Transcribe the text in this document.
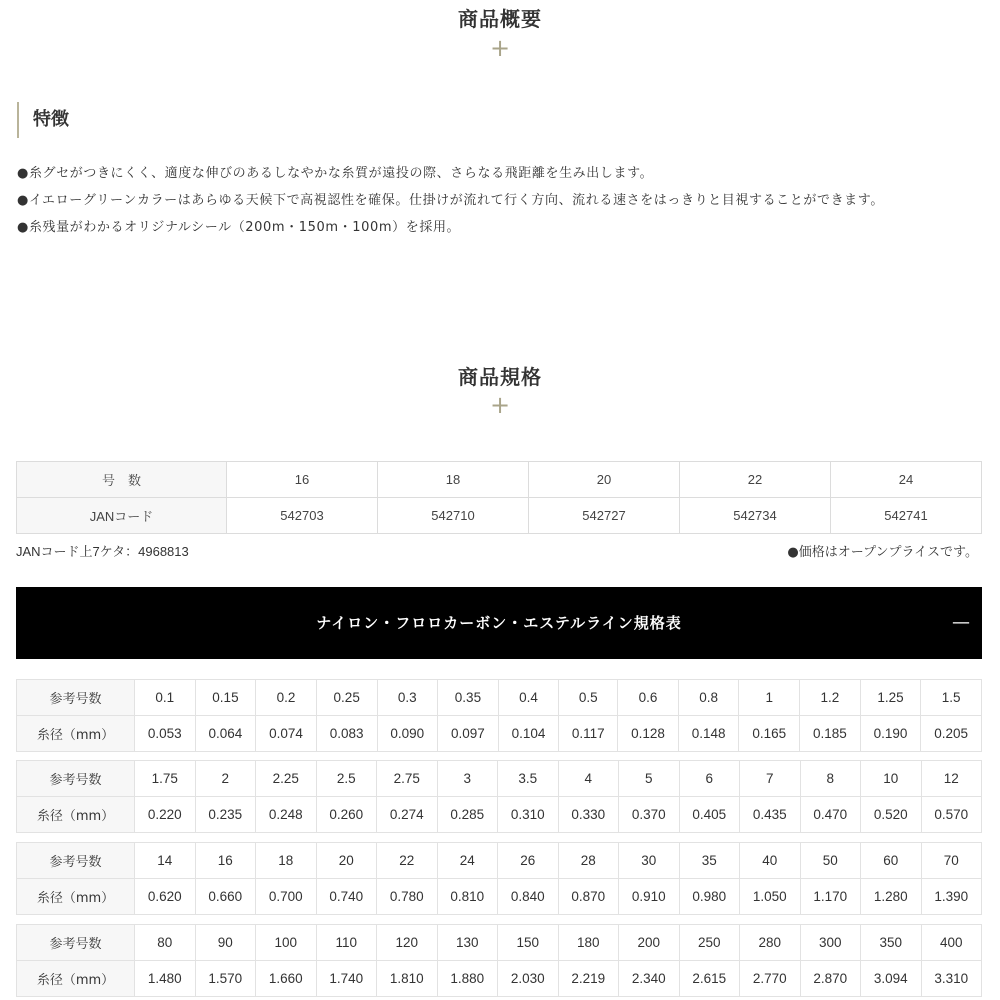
商品概要
+
特徴

●糸グセがつきにくく、適度な伸びのあるしなやかな糸質が遠投の際、さらなる飛距離を生み出します。

●イエローグリーンカラーはあらゆる天候下で高視認性を確保。仕掛けが流れて行く方向、流れる速さをはっきりと目視することができます。

●糸残量がわかるオリジナルシール（200m・150m・100m）を採用。

商品規格
+
号　数	16	18	20	22	24
JANコード	542703	542710	542727	542734	542741
JANコード上7ケタ：4968813	●価格はオープンプライスです。
ナイロン・フロロカーボン・エステルライン規格表	—
参考号数	0.1	0.15	0.2	0.25	0.3	0.35	0.4	0.5	0.6	0.8	1	1.2	1.25	1.5
糸径（mm）	0.053	0.064	0.074	0.083	0.090	0.097	0.104	0.117	0.128	0.148	0.165	0.185	0.190	0.205
参考号数	1.75	2	2.25	2.5	2.75	3	3.5	4	5	6	7	8	10	12
糸径（mm）	0.220	0.235	0.248	0.260	0.274	0.285	0.310	0.330	0.370	0.405	0.435	0.470	0.520	0.570
参考号数	14	16	18	20	22	24	26	28	30	35	40	50	60	70
糸径（mm）	0.620	0.660	0.700	0.740	0.780	0.810	0.840	0.870	0.910	0.980	1.050	1.170	1.280	1.390
参考号数	80	90	100	110	120	130	150	180	200	250	280	300	350	400
糸径（mm）	1.480	1.570	1.660	1.740	1.810	1.880	2.030	2.219	2.340	2.615	2.770	2.870	3.094	3.310
